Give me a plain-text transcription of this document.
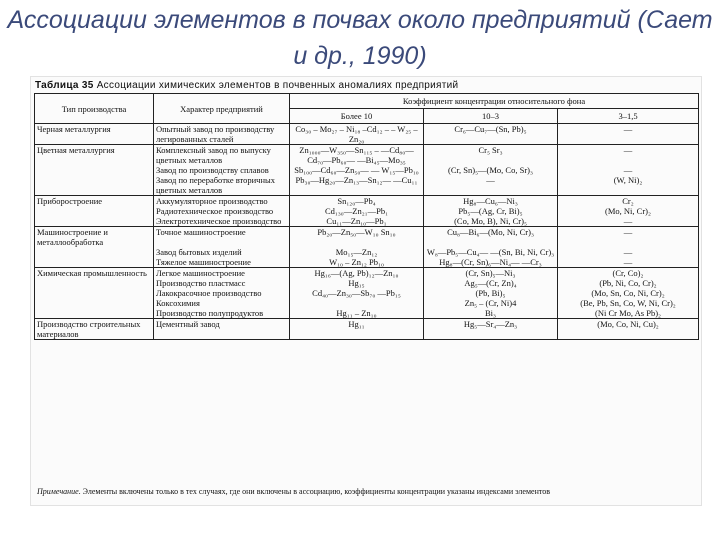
Ассоциации элементов в почвах около предприятий (Сает и др., 1990)
Таблица 35 Ассоциации химических элементов в почвенных аномалиях предприятий
Тип производства	Характер предприятий	Коэффициент концентрации относительного фона		
		Более 10	10–3	3–1,5
Черная металлургия	Опытный завод по производству легированных сталей	Co₃₀ – Mo₂₇ – Ni₁₈ –Cd₁₂ – – W₂₅ – Zn₂₀	Cr₆—Cu₇—(Sn, Pb)₅	—
Цветная металлургия	Комплексный завод по выпуску цветных металлов	Zn₁₀₀₀—W₃₅₀—Sn₁₁₅ – —Cd₈₀—Cd₇₀—Pb₆₀— —Bi₄₅—Mo₃₅	Cr₅ Sr₃	—
	Завод по производству сплавов	Sb₁₀₀—Cd₆₀—Zn₅₀— — W₁₅—Pb₁₀	(Cr, Sn)₅—(Mo, Co, Sr)₃	—
	Завод по переработке вторичных цветных металлов	Pb₃₀—Hg₂₀—Zn₁₃—Sn₁₂— —Cu₁₁	—	(W, Ni)₂
Приборостроение	Аккумуляторное производство	Sn₁₂₀—Pb₄	Hg₈—Cu₆—Ni₃	Cr₂
	Радиотехническое производство	Cd₁₃₀—Zn₂₁—Pb₁	Pb₅—(Ag, Cr, Bi)₅	(Mo, Ni, Cr)₂
	Электротехническое производство	Cu₁₁—Zn₁₀—Pb₁	(Co, Mo, B), Ni, Cr)₅	—
Машиностроение и металлообработка	Точное машиностроение	Pb₂₀—Zn₅₀—W₁₀ Sn₁₀	Cu₈—Bi₆—(Mo, Ni, Cr)₃	—
	Завод бытовых изделий	Mo₁₅—Zn₁₂	W₈—Pb₅—Cu₄— —(Sn, Bi, Ni, Cr)₃	—
	Тяжелое машиностроение	W₁₀ – Zn₁₂ Pb₁₀	Hg₈—(Cr, Sn)₆—Ni₄— —Cr₃	—
Химическая промышленность	Легкое машиностроение	Hg₁₆—(Ag, Pb)₁₂—Zn₁₀	(Cr, Sn)₅—Ni₃	(Cr, Co)₂
	Производство пластмасс	Hg₁₅	Ag₅—(Cr, Zn)₄	(Pb, Ni, Co, Cr)₂
	Лакокрасочное производство	Cd₄₀—Zn₃₀—Sb₇₀ —Pb₁₅	(Pb, Bi)₅	(Mo, Sn, Co, Ni, Cr)₂
	Коксохимия		Zn₅ – (Cr, Ni)4	(Be, Pb, Sn, Co, W, Ni, Cr)₂
	Производство полупродуктов	Hg₁₁ – Zn₁₀	Bi₃	(Ni Cr Mo, As Pb)₂
Производство строительных материалов	Цементный завод	Hg₁₁	Hg₅—Sr₄—Zn₃	(Mo, Co, Ni, Cu)₂
Примечание. Элементы включены только в тех случаях, где они включены в ассоциацию, коэффициенты концентрации указаны индексами элементов
